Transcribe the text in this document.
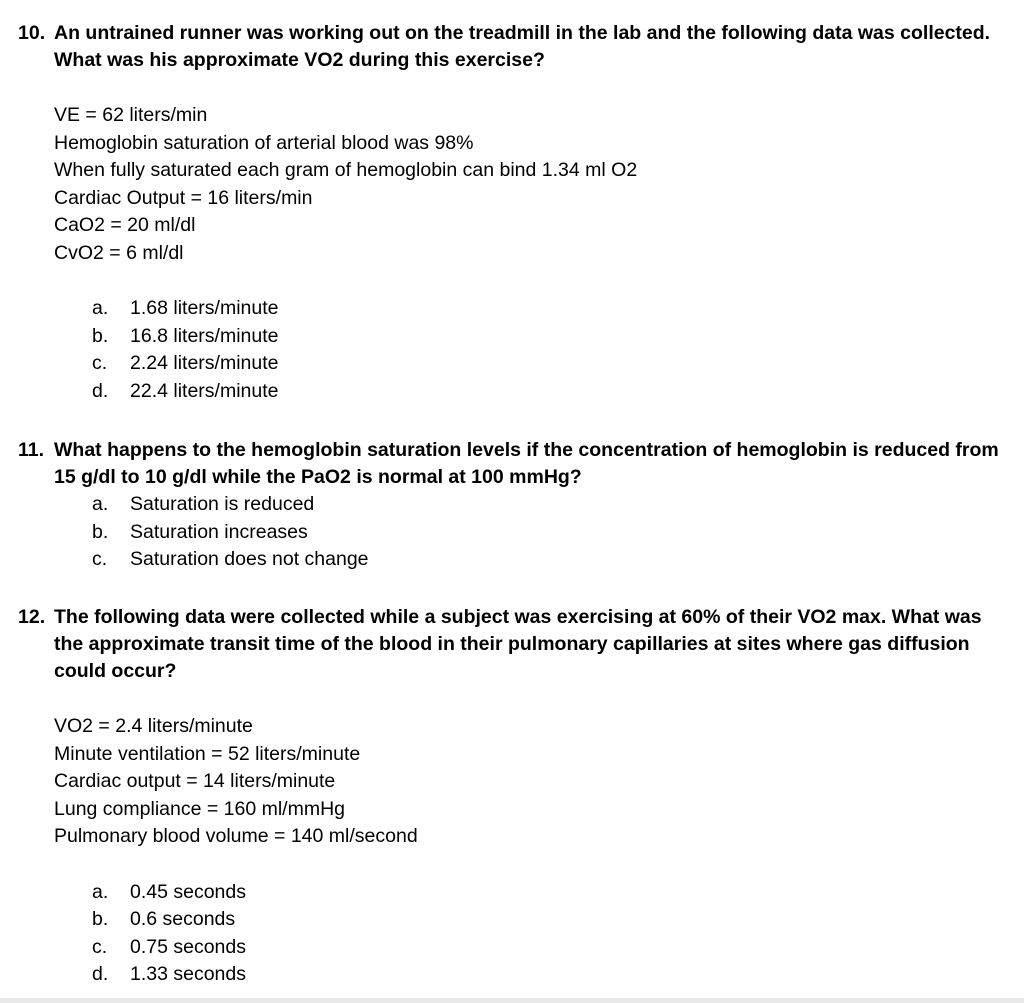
10. An untrained runner was working out on the treadmill in the lab and the following data was collected. What was his approximate VO2 during this exercise?
VE = 62 liters/min
Hemoglobin saturation of arterial blood was 98%
When fully saturated each gram of hemoglobin can bind 1.34 ml O2
Cardiac Output = 16 liters/min
CaO2 = 20 ml/dl
CvO2 = 6 ml/dl
a.	1.68 liters/minute
b.	16.8 liters/minute
c.	2.24 liters/minute
d.	22.4 liters/minute
11. What happens to the hemoglobin saturation levels if the concentration of hemoglobin is reduced from 15 g/dl to 10 g/dl while the PaO2 is normal at 100 mmHg?
a.	Saturation is reduced
b.	Saturation increases
c.	Saturation does not change
12. The following data were collected while a subject was exercising at 60% of their VO2 max. What was the approximate transit time of the blood in their pulmonary capillaries at sites where gas diffusion could occur?
VO2 = 2.4 liters/minute
Minute ventilation = 52 liters/minute
Cardiac output = 14 liters/minute
Lung compliance = 160 ml/mmHg
Pulmonary blood volume = 140 ml/second
a.	0.45 seconds
b.	0.6 seconds
c.	0.75 seconds
d.	1.33 seconds
